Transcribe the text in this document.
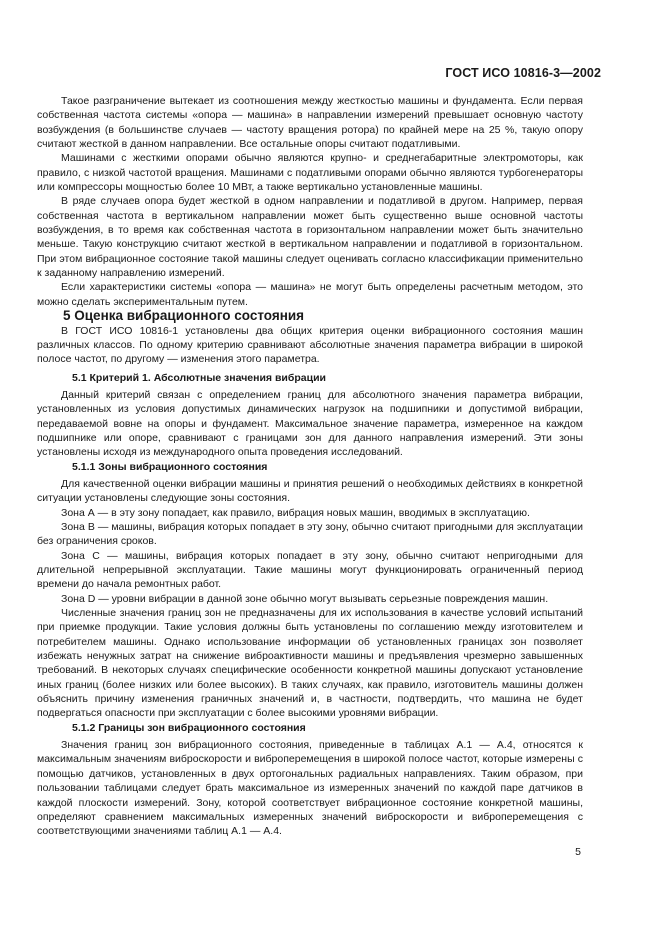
ГОСТ ИСО 10816-3—2002

Такое разграничение вытекает из соотношения между жесткостью машины и фундамента. Если первая собственная частота системы «опора — машина» в направлении измерений превышает основную частоту возбуждения (в большинстве случаев — частоту вращения ротора) по крайней мере на 25 %, такую опору считают жесткой в данном направлении. Все остальные опоры считают податливыми.

Машинами с жесткими опорами обычно являются крупно- и среднегабаритные электромоторы, как правило, с низкой частотой вращения. Машинами с податливыми опорами обычно являются турбогенераторы или компрессоры мощностью более 10 МВт, а также вертикально установленные машины.

В ряде случаев опора будет жесткой в одном направлении и податливой в другом. Например, первая собственная частота в вертикальном направлении может быть существенно выше основной частоты возбуждения, в то время как собственная частота в горизонтальном направлении может быть значительно меньше. Такую конструкцию считают жесткой в вертикальном направлении и податливой в горизонтальном. При этом вибрационное состояние такой машины следует оценивать согласно классификации применительно к заданному направлению измерений.

Если характеристики системы «опора — машина» не могут быть определены расчетным методом, это можно сделать экспериментальным путем.

5 Оценка вибрационного состояния

В ГОСТ ИСО 10816-1 установлены два общих критерия оценки вибрационного состояния машин различных классов. По одному критерию сравнивают абсолютные значения параметра вибрации в широкой полосе частот, по другому — изменения этого параметра.

5.1 Критерий 1. Абсолютные значения вибрации

Данный критерий связан с определением границ для абсолютного значения параметра вибрации, установленных из условия допустимых динамических нагрузок на подшипники и допустимой вибрации, передаваемой вовне на опоры и фундамент. Максимальное значение параметра, измеренное на каждом подшипнике или опоре, сравнивают с границами зон для данного направления измерений. Эти зоны установлены исходя из международного опыта проведения исследований.

5.1.1 Зоны вибрационного состояния

Для качественной оценки вибрации машины и принятия решений о необходимых действиях в конкретной ситуации установлены следующие зоны состояния.

Зона А — в эту зону попадает, как правило, вибрация новых машин, вводимых в эксплуатацию.

Зона В — машины, вибрация которых попадает в эту зону, обычно считают пригодными для эксплуатации без ограничения сроков.

Зона С — машины, вибрация которых попадает в эту зону, обычно считают непригодными для длительной непрерывной эксплуатации. Такие машины могут функционировать ограниченный период времени до начала ремонтных работ.

Зона D — уровни вибрации в данной зоне обычно могут вызывать серьезные повреждения машин.

Численные значения границ зон не предназначены для их использования в качестве условий испытаний при приемке продукции. Такие условия должны быть установлены по соглашению между изготовителем и потребителем машины. Однако использование информации об установленных границах зон позволяет избежать ненужных затрат на снижение виброактивности машины и предъявления чрезмерно завышенных требований. В некоторых случаях специфические особенности конкретной машины допускают установление иных границ (более низких или более высоких). В таких случаях, как правило, изготовитель машины должен объяснить причину изменения граничных значений и, в частности, подтвердить, что машина не будет подвергаться опасности при эксплуатации с более высокими уровнями вибрации.

5.1.2 Границы зон вибрационного состояния

Значения границ зон вибрационного состояния, приведенные в таблицах А.1 — А.4, относятся к максимальным значениям виброскорости и виброперемещения в широкой полосе частот, которые измерены с помощью датчиков, установленных в двух ортогональных радиальных направлениях. Таким образом, при пользовании таблицами следует брать максимальное из измеренных значений по каждой паре датчиков в каждой плоскости измерений. Зону, которой соответствует вибрационное состояние конкретной машины, определяют сравнением максимальных измеренных значений виброскорости и виброперемещения с соответствующими значениями таблиц А.1 — А.4.

5
